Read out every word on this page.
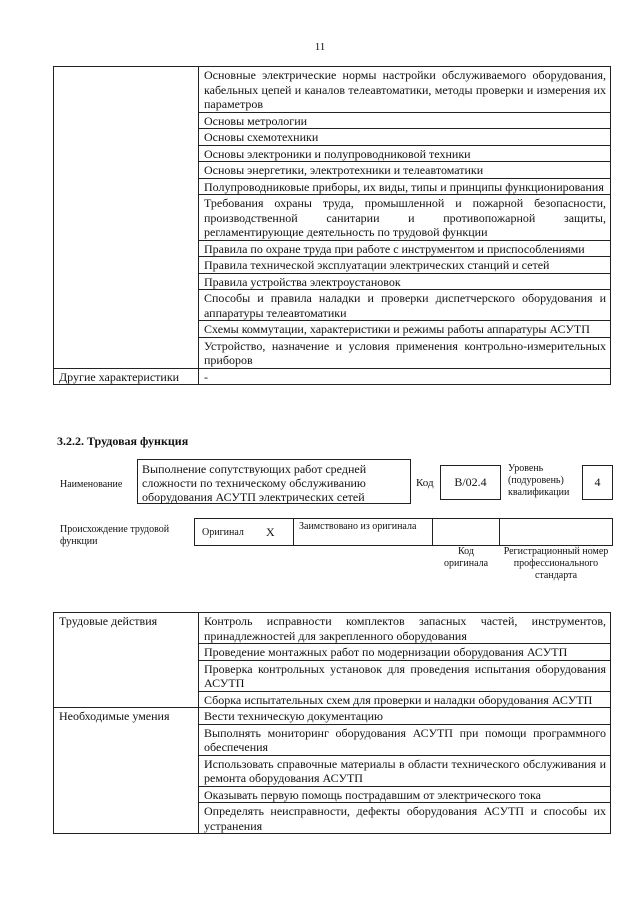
11
	Основные электрические нормы настройки обслуживаемого оборудования, кабельных цепей и каналов телеавтоматики, методы проверки и измерения их параметров
	Основы метрологии
	Основы схемотехники
	Основы электроники и полупроводниковой техники
	Основы энергетики, электротехники и телеавтоматики
	Полупроводниковые приборы, их виды, типы и принципы функционирования
	Требования охраны труда, промышленной и пожарной безопасности, производственной санитарии и противопожарной защиты, регламентирующие деятельность по трудовой функции
	Правила по охране труда при работе с инструментом и приспособлениями
	Правила технической эксплуатации электрических станций и сетей
	Правила устройства электроустановок
	Способы и правила наладки и проверки диспетчерского оборудования и аппаратуры телеавтоматики
	Схемы коммутации, характеристики и режимы работы аппаратуры АСУТП
	Устройство, назначение и условия применения контрольно-измерительных приборов
Другие характеристики	-
3.2.2. Трудовая функция
Наименование
Выполнение сопутствующих работ средней сложности по техническому обслуживанию оборудования АСУТП электрических сетей
Код	B/02.4
Уровень (подуровень) квалификации
4
Происхождение трудовой функции
Оригинал X Заимствовано из оригинала
Код оригинала
Регистрационный номер профессионального стандарта
Трудовые действия	Контроль исправности комплектов запасных частей, инструментов, принадлежностей для закрепленного оборудования
	Проведение монтажных работ по модернизации оборудования АСУТП
	Проверка контрольных установок для проведения испытания оборудования АСУТП
	Сборка испытательных схем для проверки и наладки оборудования АСУТП
Необходимые умения	Вести техническую документацию
	Выполнять мониторинг оборудования АСУТП при помощи программного обеспечения
	Использовать справочные материалы в области технического обслуживания и ремонта оборудования АСУТП
	Оказывать первую помощь пострадавшим от электрического тока
	Определять неисправности, дефекты оборудования АСУТП и способы их устранения
